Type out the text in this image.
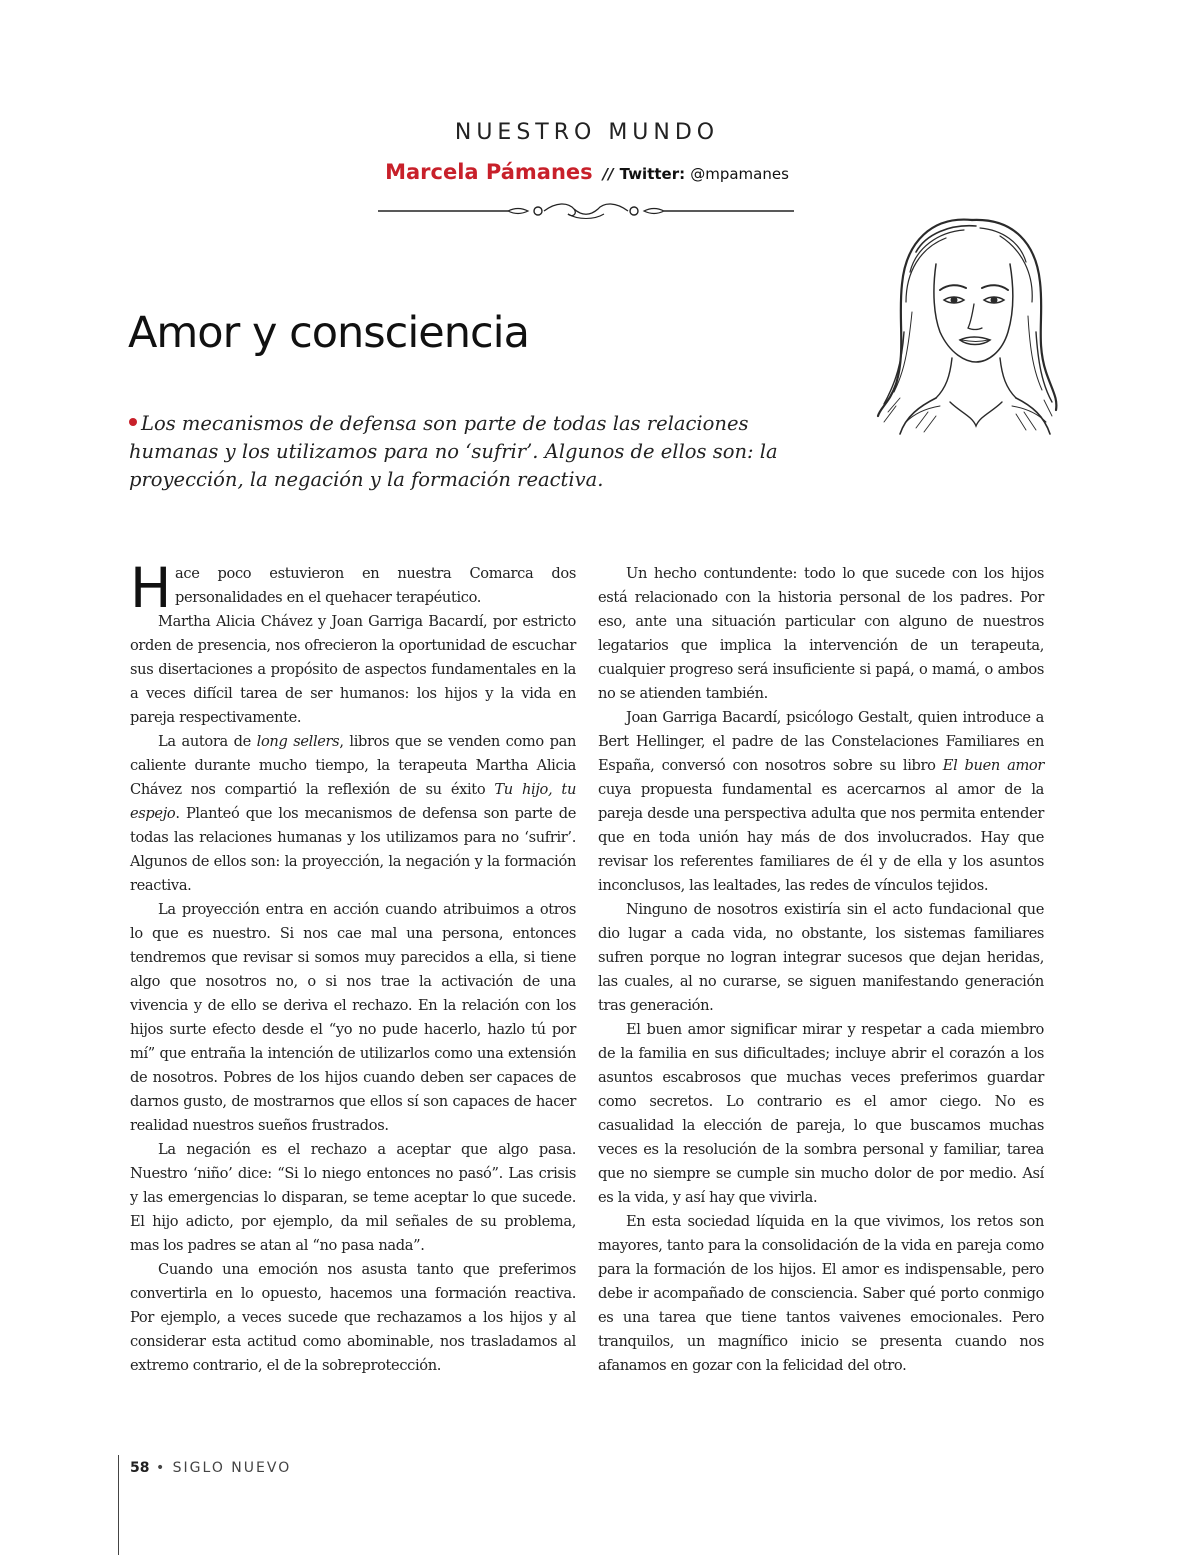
NUESTRO MUNDO
Marcela Pámanes // Twitter: @mpamanes
Amor y consciencia

Los mecanismos de defensa son parte de todas las relaciones humanas y los utilizamos para no ‘sufrir’. Algunos de ellos son: la proyección, la negación y la formación reactiva.

Hace poco estuvieron en nuestra Comarca dos personalidades en el quehacer terapéutico.

Martha Alicia Chávez y Joan Garriga Bacardí, por estricto orden de presencia, nos ofrecieron la oportunidad de escuchar sus disertaciones a propósito de aspectos fundamentales en la a veces difícil tarea de ser humanos: los hijos y la vida en pareja respectivamente.

La autora de long sellers, libros que se venden como pan caliente durante mucho tiempo, la terapeuta Martha Alicia Chávez nos compartió la reflexión de su éxito Tu hijo, tu espejo. Planteó que los mecanismos de defensa son parte de todas las relaciones humanas y los utilizamos para no ‘sufrir’. Algunos de ellos son: la proyección, la negación y la formación reactiva.

La proyección entra en acción cuando atribuimos a otros lo que es nuestro. Si nos cae mal una persona, entonces tendremos que revisar si somos muy parecidos a ella, si tiene algo que nosotros no, o si nos trae la activación de una vivencia y de ello se deriva el rechazo. En la relación con los hijos surte efecto desde el “yo no pude hacerlo, hazlo tú por mí” que entraña la intención de utilizarlos como una extensión de nosotros. Pobres de los hijos cuando deben ser capaces de darnos gusto, de mostrarnos que ellos sí son capaces de hacer realidad nuestros sueños frustrados.

La negación es el rechazo a aceptar que algo pasa. Nuestro ‘niño’ dice: “Si lo niego entonces no pasó”. Las crisis y las emergencias lo disparan, se teme aceptar lo que sucede. El hijo adicto, por ejemplo, da mil señales de su problema, mas los padres se atan al “no pasa nada”.

Cuando una emoción nos asusta tanto que preferimos convertirla en lo opuesto, hacemos una formación reactiva. Por ejemplo, a veces sucede que rechazamos a los hijos y al considerar esta actitud como abominable, nos trasladamos al extremo contrario, el de la sobreprotección.

Un hecho contundente: todo lo que sucede con los hijos está relacionado con la historia personal de los padres. Por eso, ante una situación particular con alguno de nuestros legatarios que implica la intervención de un terapeuta, cualquier progreso será insuficiente si papá, o mamá, o ambos no se atienden también.

Joan Garriga Bacardí, psicólogo Gestalt, quien introduce a Bert Hellinger, el padre de las Constelaciones Familiares en España, conversó con nosotros sobre su libro El buen amor cuya propuesta fundamental es acercarnos al amor de la pareja desde una perspectiva adulta que nos permita entender que en toda unión hay más de dos involucrados. Hay que revisar los referentes familiares de él y de ella y los asuntos inconclusos, las lealtades, las redes de vínculos tejidos.

Ninguno de nosotros existiría sin el acto fundacional que dio lugar a cada vida, no obstante, los sistemas familiares sufren porque no logran integrar sucesos que dejan heridas, las cuales, al no curarse, se siguen manifestando generación tras generación.

El buen amor significar mirar y respetar a cada miembro de la familia en sus dificultades; incluye abrir el corazón a los asuntos escabrosos que muchas veces preferimos guardar como secretos. Lo contrario es el amor ciego. No es casualidad la elección de pareja, lo que buscamos muchas veces es la resolución de la sombra personal y familiar, tarea que no siempre se cumple sin mucho dolor de por medio. Así es la vida, y así hay que vivirla.

En esta sociedad líquida en la que vivimos, los retos son mayores, tanto para la consolidación de la vida en pareja como para la formación de los hijos. El amor es indispensable, pero debe ir acompañado de consciencia. Saber qué porto conmigo es una tarea que tiene tantos vaivenes emocionales. Pero tranquilos, un magnífico inicio se presenta cuando nos afanamos en gozar con la felicidad del otro.

58 • SIGLO NUEVO
